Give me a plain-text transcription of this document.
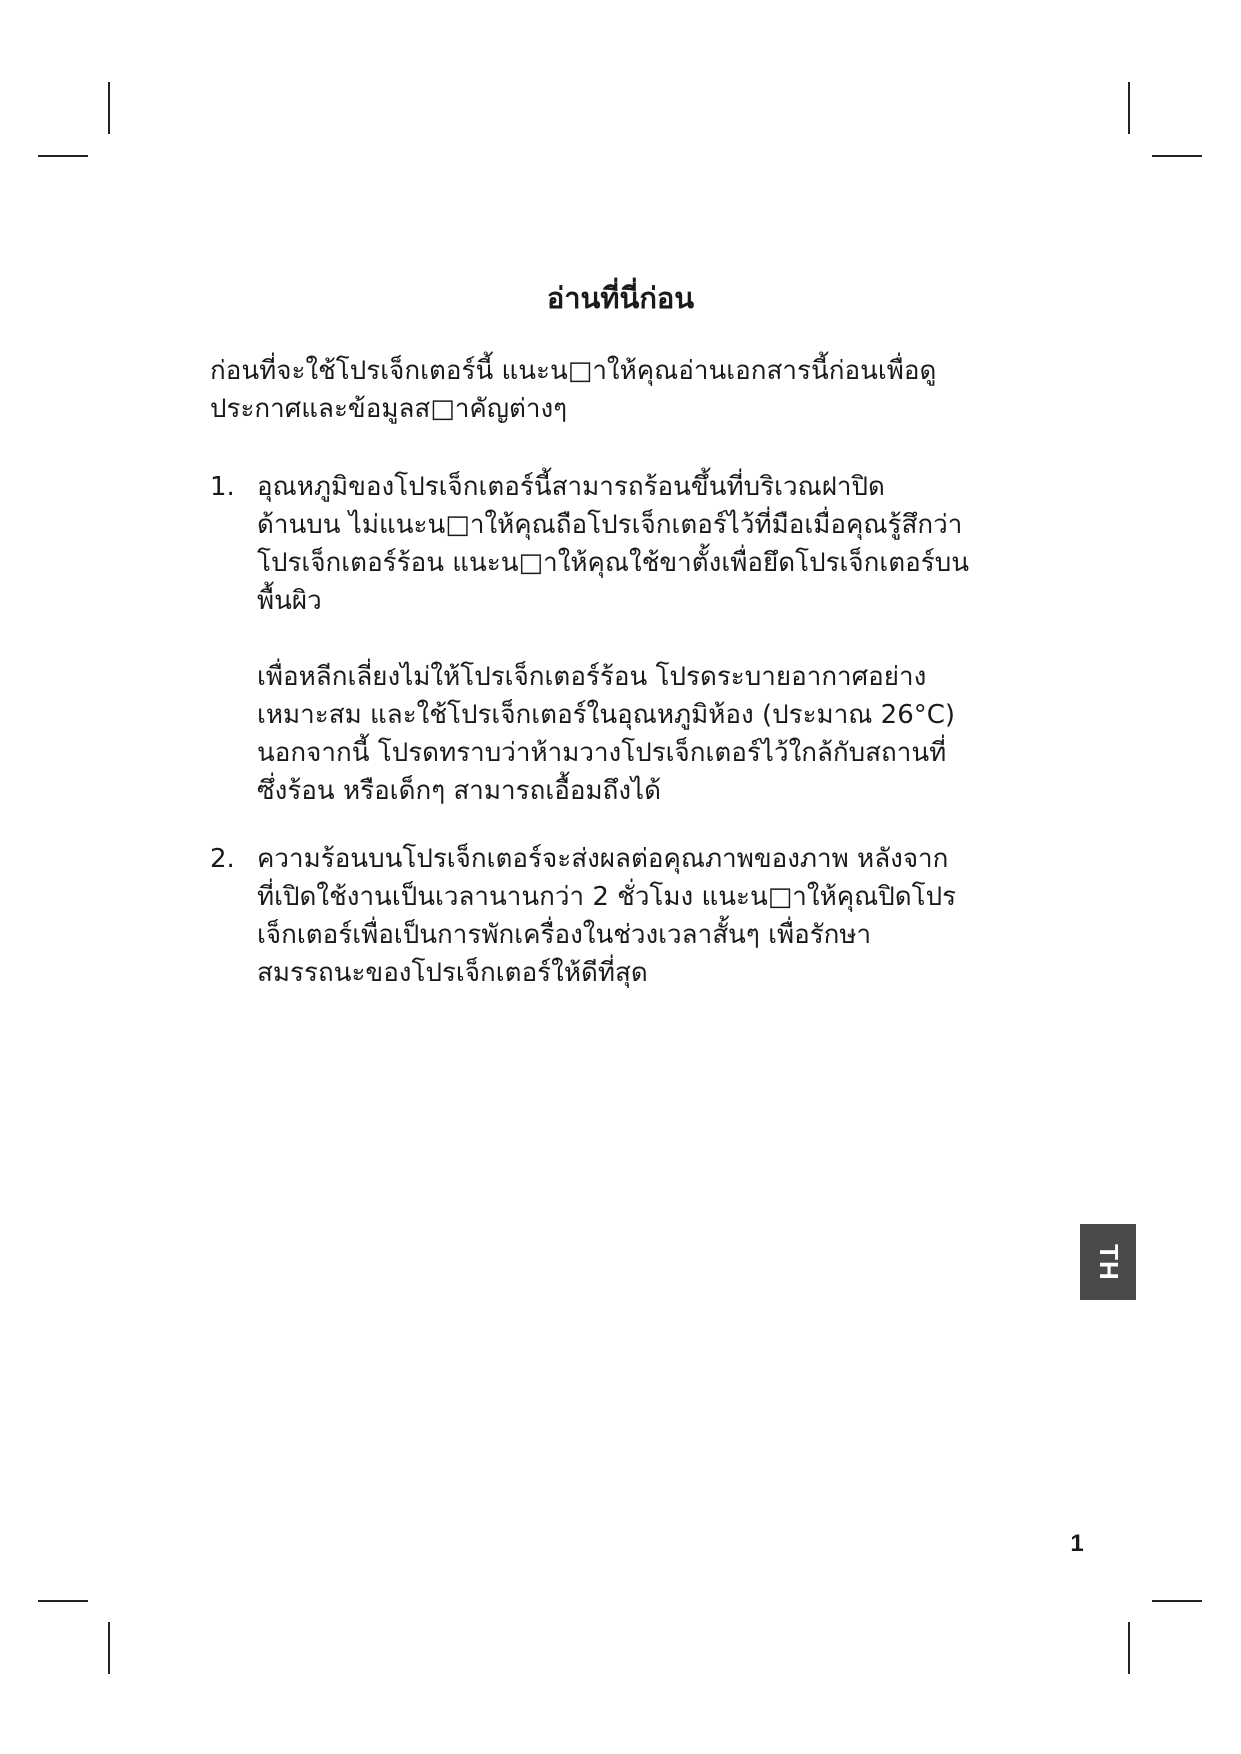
อ่านที่นี่ก่อน
ก่อนที่จะใช้โปรเจ็กเตอร์นี้ แนะน□าให้คุณอ่านเอกสารนี้ก่อนเพื่อดู
ประกาศและข้อมูลส□าคัญต่างๆ
1. อุณหภูมิของโปรเจ็กเตอร์นี้สามารถร้อนขึ้นที่บริเวณฝาปิด
ด้านบน ไม่แนะน□าให้คุณถือโปรเจ็กเตอร์ไว้ที่มือเมื่อคุณรู้สึกว่า
โปรเจ็กเตอร์ร้อน แนะน□าให้คุณใช้ขาตั้งเพื่อยึดโปรเจ็กเตอร์บน
พื้นผิว
เพื่อหลีกเลี่ยงไม่ให้โปรเจ็กเตอร์ร้อน โปรดระบายอากาศอย่าง
เหมาะสม และใช้โปรเจ็กเตอร์ในอุณหภูมิห้อง (ประมาณ 26°C)
นอกจากนี้ โปรดทราบว่าห้ามวางโปรเจ็กเตอร์ไว้ใกล้กับสถานที่
ซึ่งร้อน หรือเด็กๆ สามารถเอื้อมถึงได้
2. ความร้อนบนโปรเจ็กเตอร์จะส่งผลต่อคุณภาพของภาพ หลังจาก
ที่เปิดใช้งานเป็นเวลานานกว่า 2 ชั่วโมง แนะน□าให้คุณปิดโปร
เจ็กเตอร์เพื่อเป็นการพักเครื่องในช่วงเวลาสั้นๆ เพื่อรักษา
สมรรถนะของโปรเจ็กเตอร์ให้ดีที่สุด
TH
1
